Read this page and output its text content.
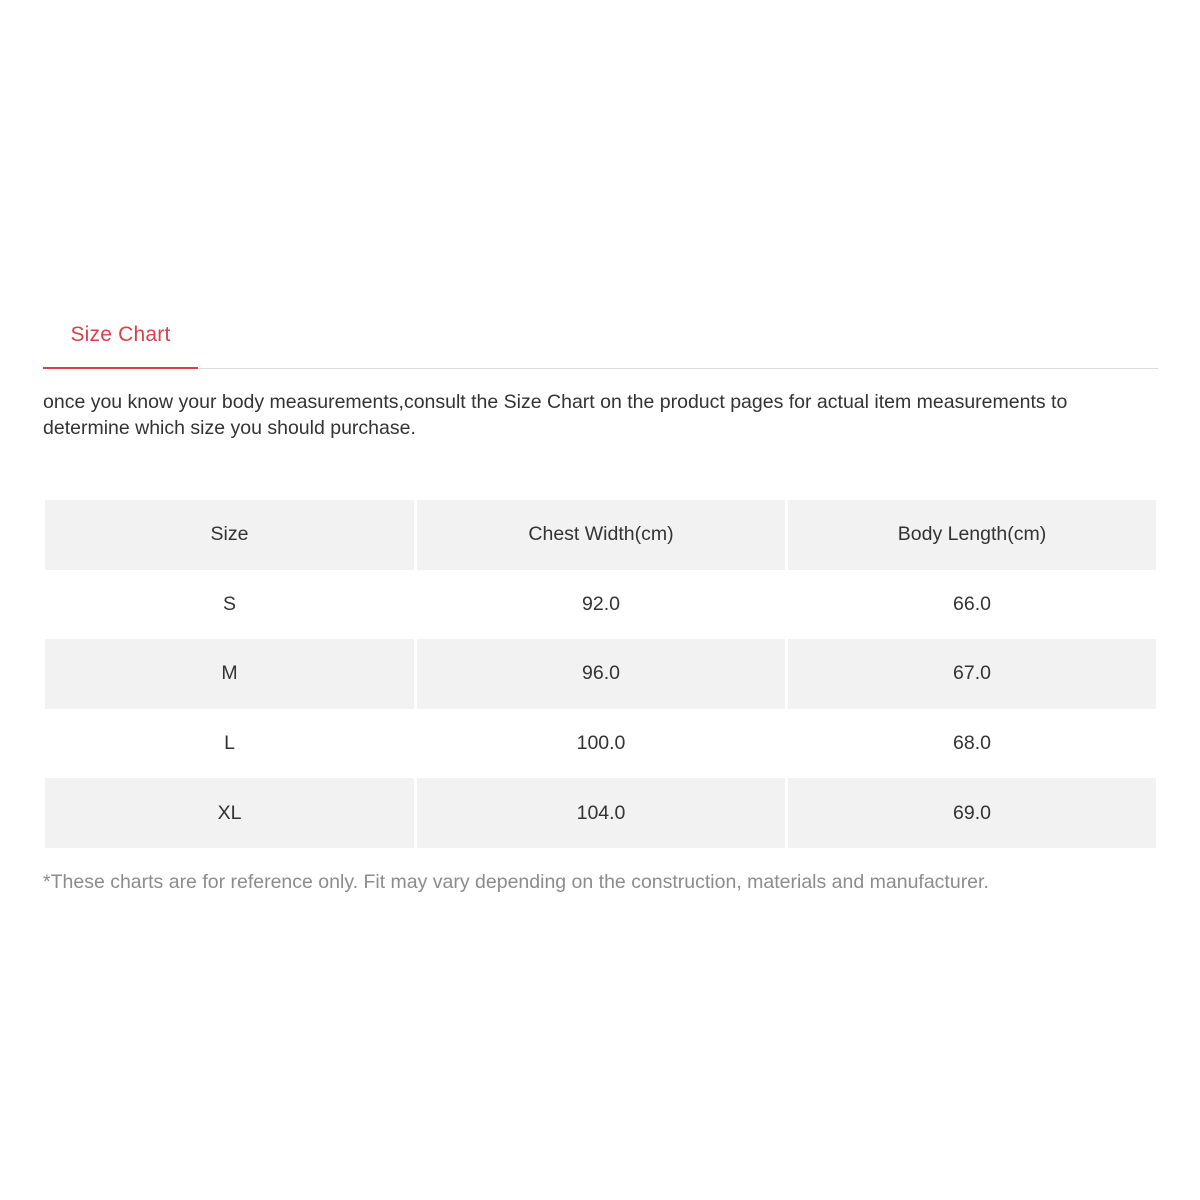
Size Chart
once you know your body measurements,consult the Size Chart on the product pages for actual item measurements to determine which size you should purchase.
Size	Chest Width(cm)	Body Length(cm)
S	92.0	66.0
M	96.0	67.0
L	100.0	68.0
XL	104.0	69.0
*These charts are for reference only. Fit may vary depending on the construction, materials and manufacturer.
